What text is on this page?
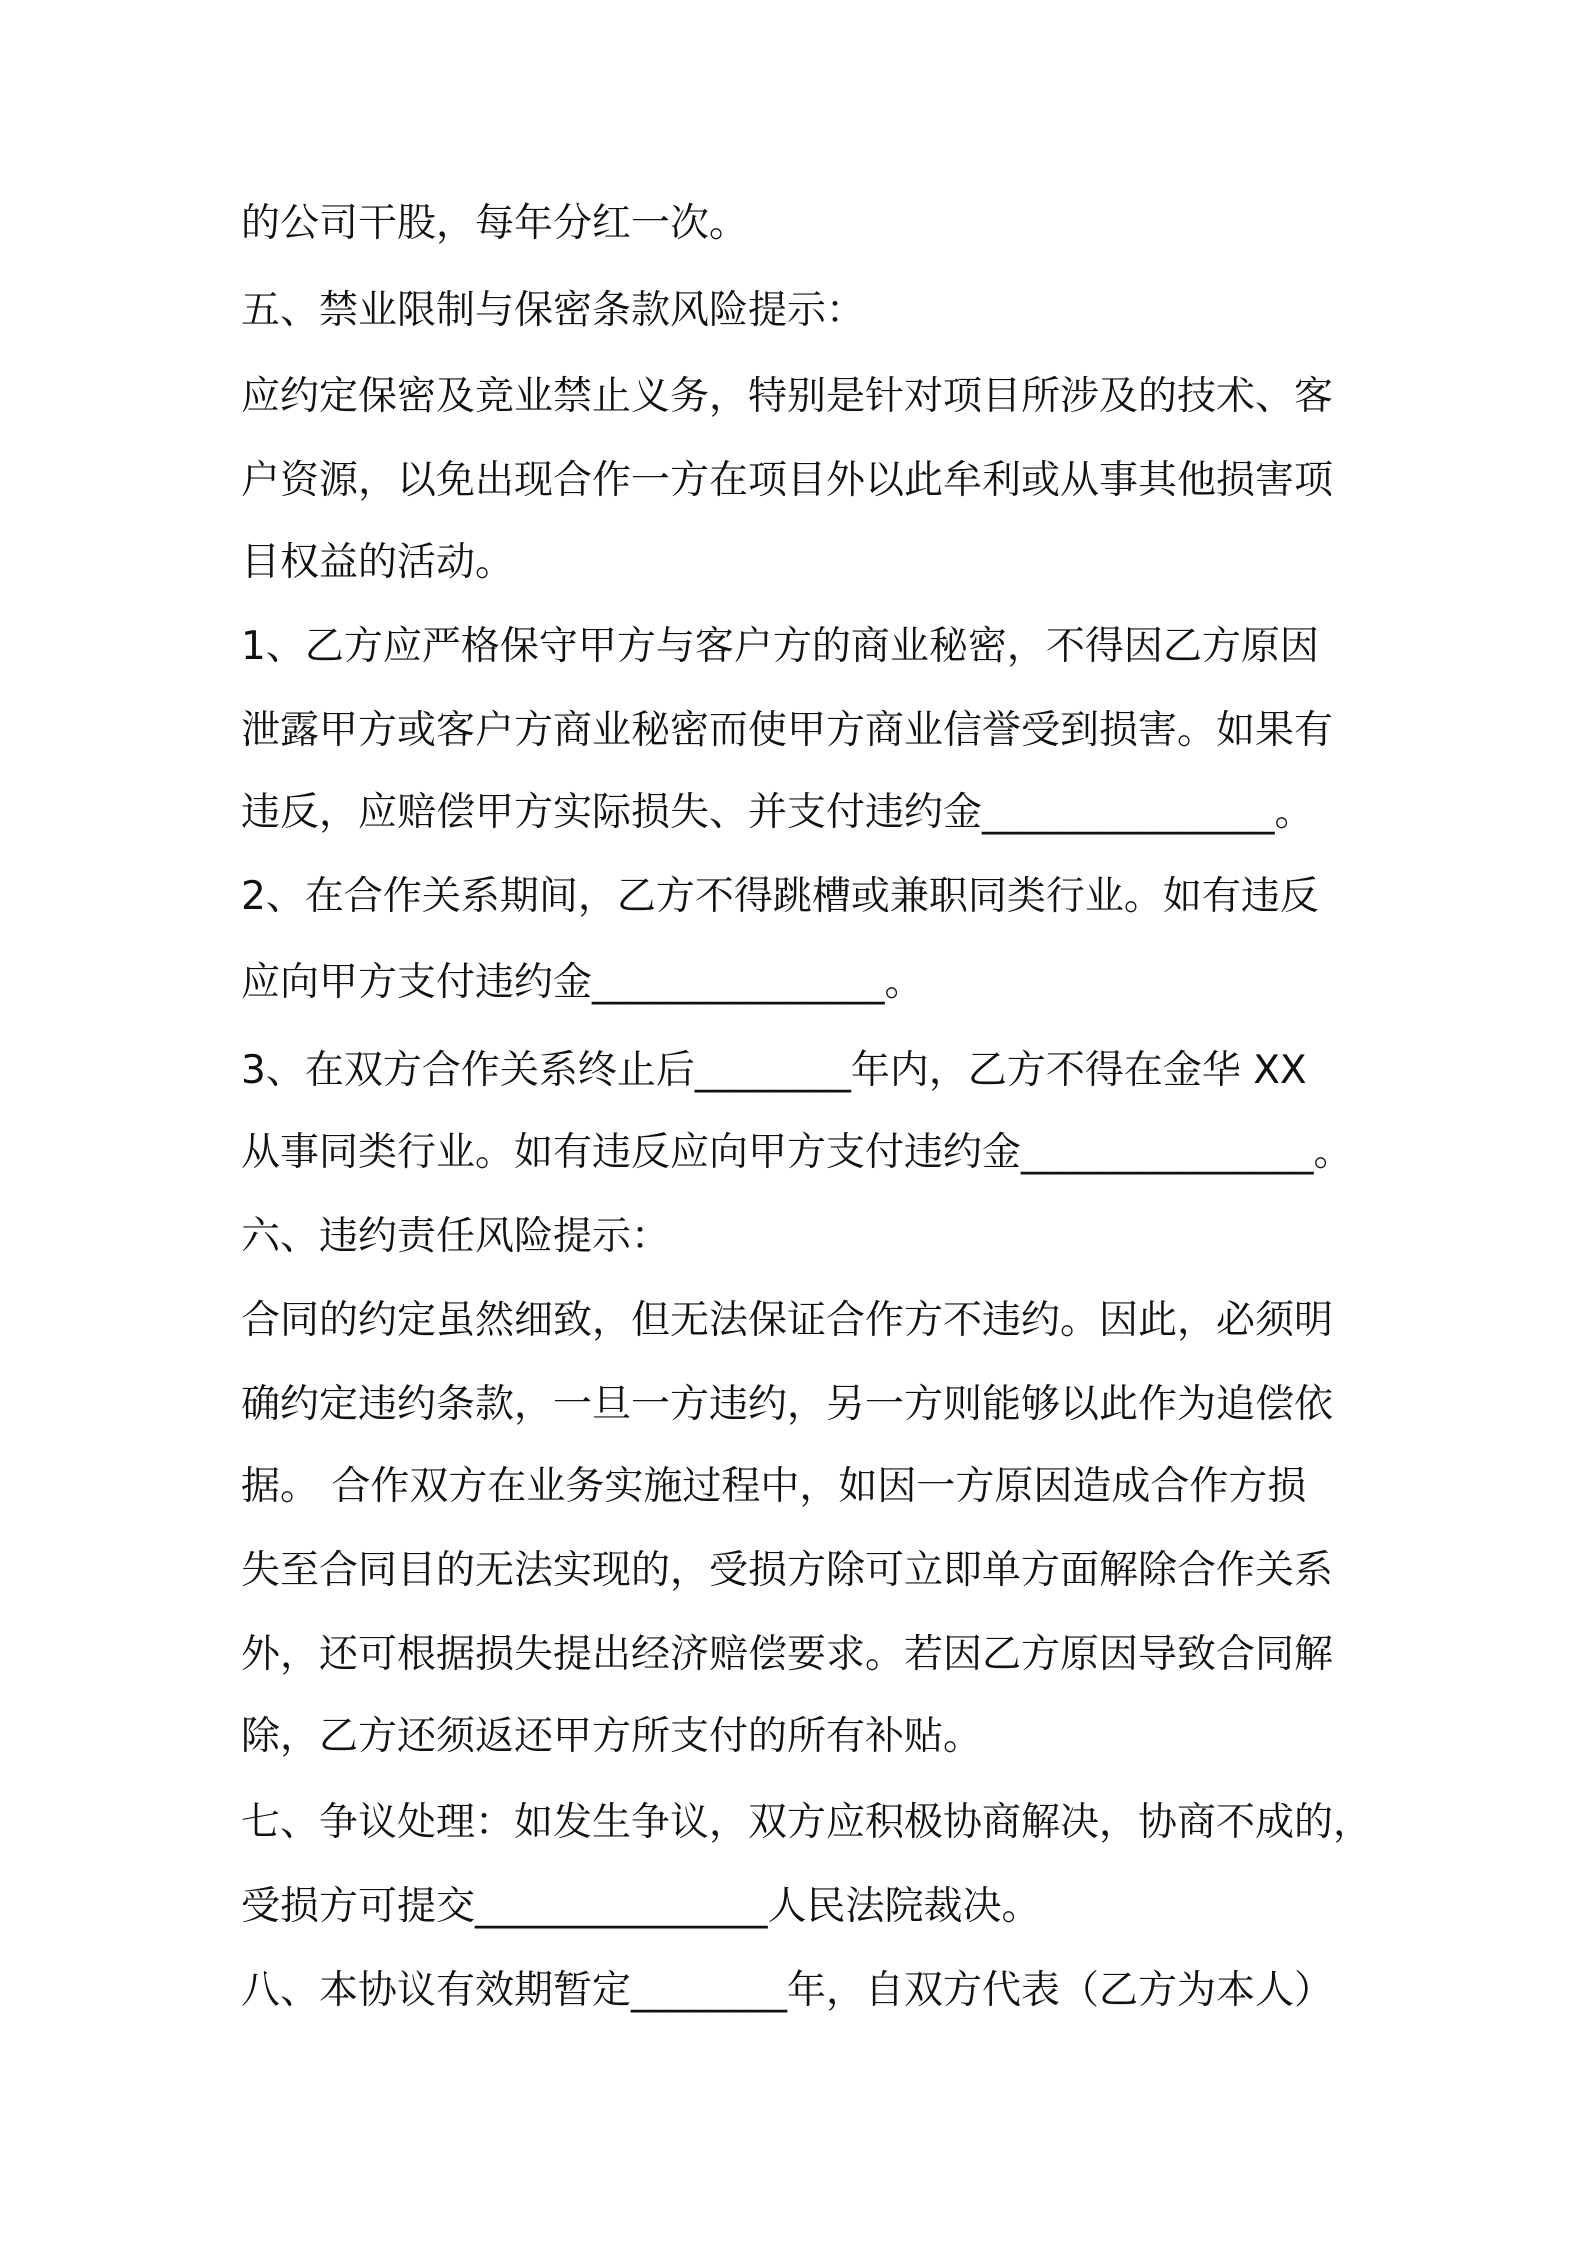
的公司干股，每年分红一次。

五、禁业限制与保密条款风险提示：

应约定保密及竞业禁止义务，特别是针对项目所涉及的技术、客

户资源，以免出现合作一方在项目外以此牟利或从事其他损害项

目权益的活动。

1、乙方应严格保守甲方与客户方的商业秘密，不得因乙方原因

泄露甲方或客户方商业秘密而使甲方商业信誉受到损害。如果有

违反，应赔偿甲方实际损失、并支付违约金_______________。

2、在合作关系期间，乙方不得跳槽或兼职同类行业。如有违反

应向甲方支付违约金_______________。

3、在双方合作关系终止后________年内，乙方不得在金华 XX

从事同类行业。如有违反应向甲方支付违约金_______________。

六、违约责任风险提示：

合同的约定虽然细致，但无法保证合作方不违约。因此，必须明

确约定违约条款，一旦一方违约，另一方则能够以此作为追偿依

据。 合作双方在业务实施过程中，如因一方原因造成合作方损

失至合同目的无法实现的，受损方除可立即单方面解除合作关系

外，还可根据损失提出经济赔偿要求。若因乙方原因导致合同解

除，乙方还须返还甲方所支付的所有补贴。

七、争议处理：如发生争议，双方应积极协商解决，协商不成的，

受损方可提交_______________人民法院裁决。

八、本协议有效期暂定________年，自双方代表（乙方为本人）
